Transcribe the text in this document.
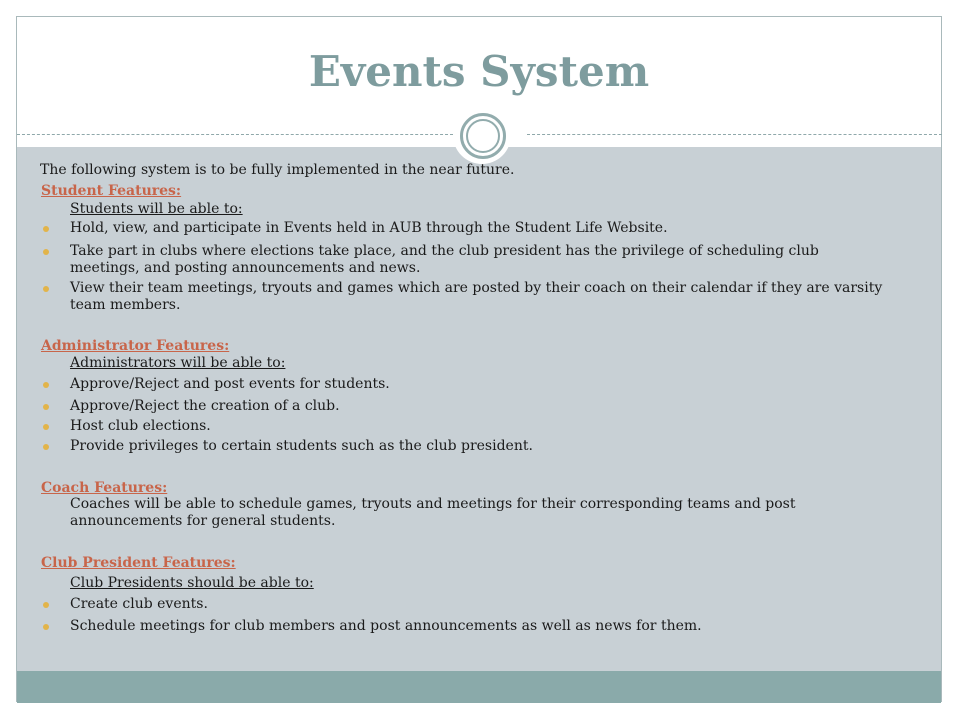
Events System
The following system is to be fully implemented in the near future.
Student Features:
Students will be able to:
Hold, view, and participate in Events held in AUB through the Student Life Website.
Take part in clubs where elections take place, and the club president has the privilege of scheduling club meetings, and posting announcements and news.
View their team meetings, tryouts and games which are posted by their coach on their calendar if they are varsity team members.
Administrator Features:
Administrators will be able to:
Approve/Reject and post events for students.
Approve/Reject the creation of a club.
Host club elections.
Provide privileges to certain students such as the club president.
Coach Features:
Coaches will be able to schedule games, tryouts and meetings for their corresponding teams and post announcements for general students.
Club President Features:
Club Presidents should be able to:
Create club events.
Schedule meetings for club members and post announcements as well as news for them.
